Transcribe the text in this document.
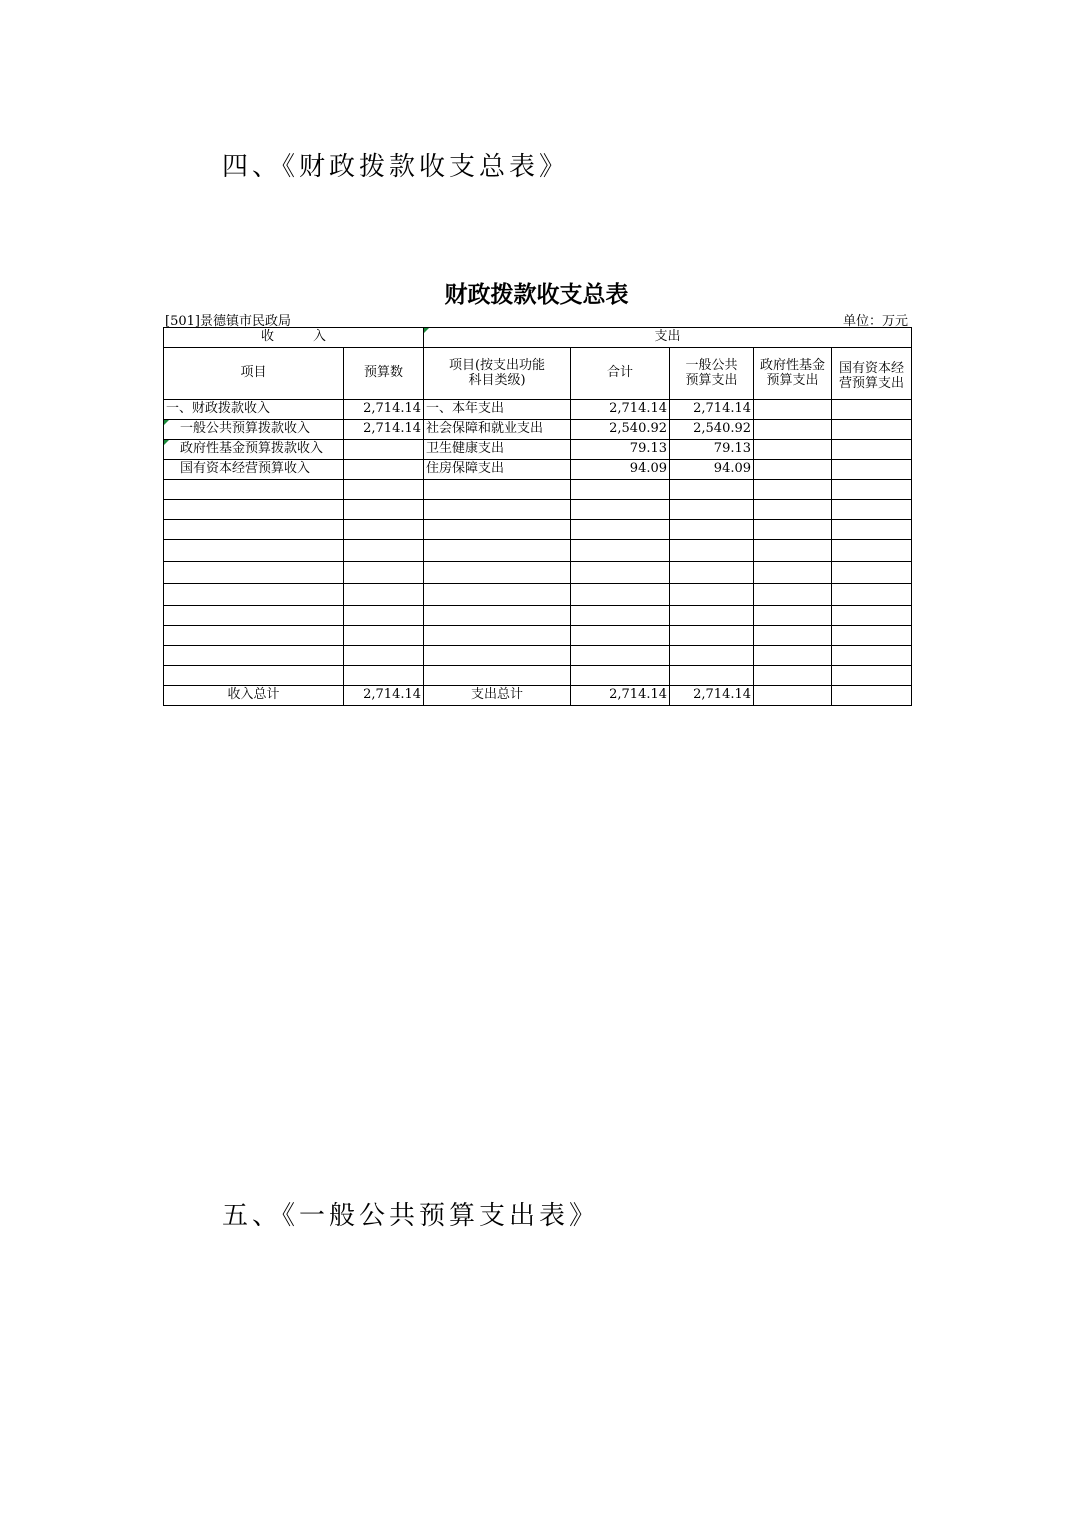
四、《财政拨款收支总表》
财政拨款收支总表
[501]景德镇市民政局	单位：万元
收　　　入		支出				
项目	预算数	项目(按支出功能科目类级)	合计	一般公共预算支出	政府性基金预算支出	国有资本经营预算支出
一、财政拨款收入	2,714.14	一、本年支出	2,714.14	2,714.14		
一般公共预算拨款收入	2,714.14	社会保障和就业支出	2,540.92	2,540.92		
政府性基金预算拨款收入		卫生健康支出	79.13	79.13		
国有资本经营预算收入		住房保障支出	94.09	94.09		

收入总计	2,714.14	支出总计	2,714.14	2,714.14		
五、《一般公共预算支出表》
